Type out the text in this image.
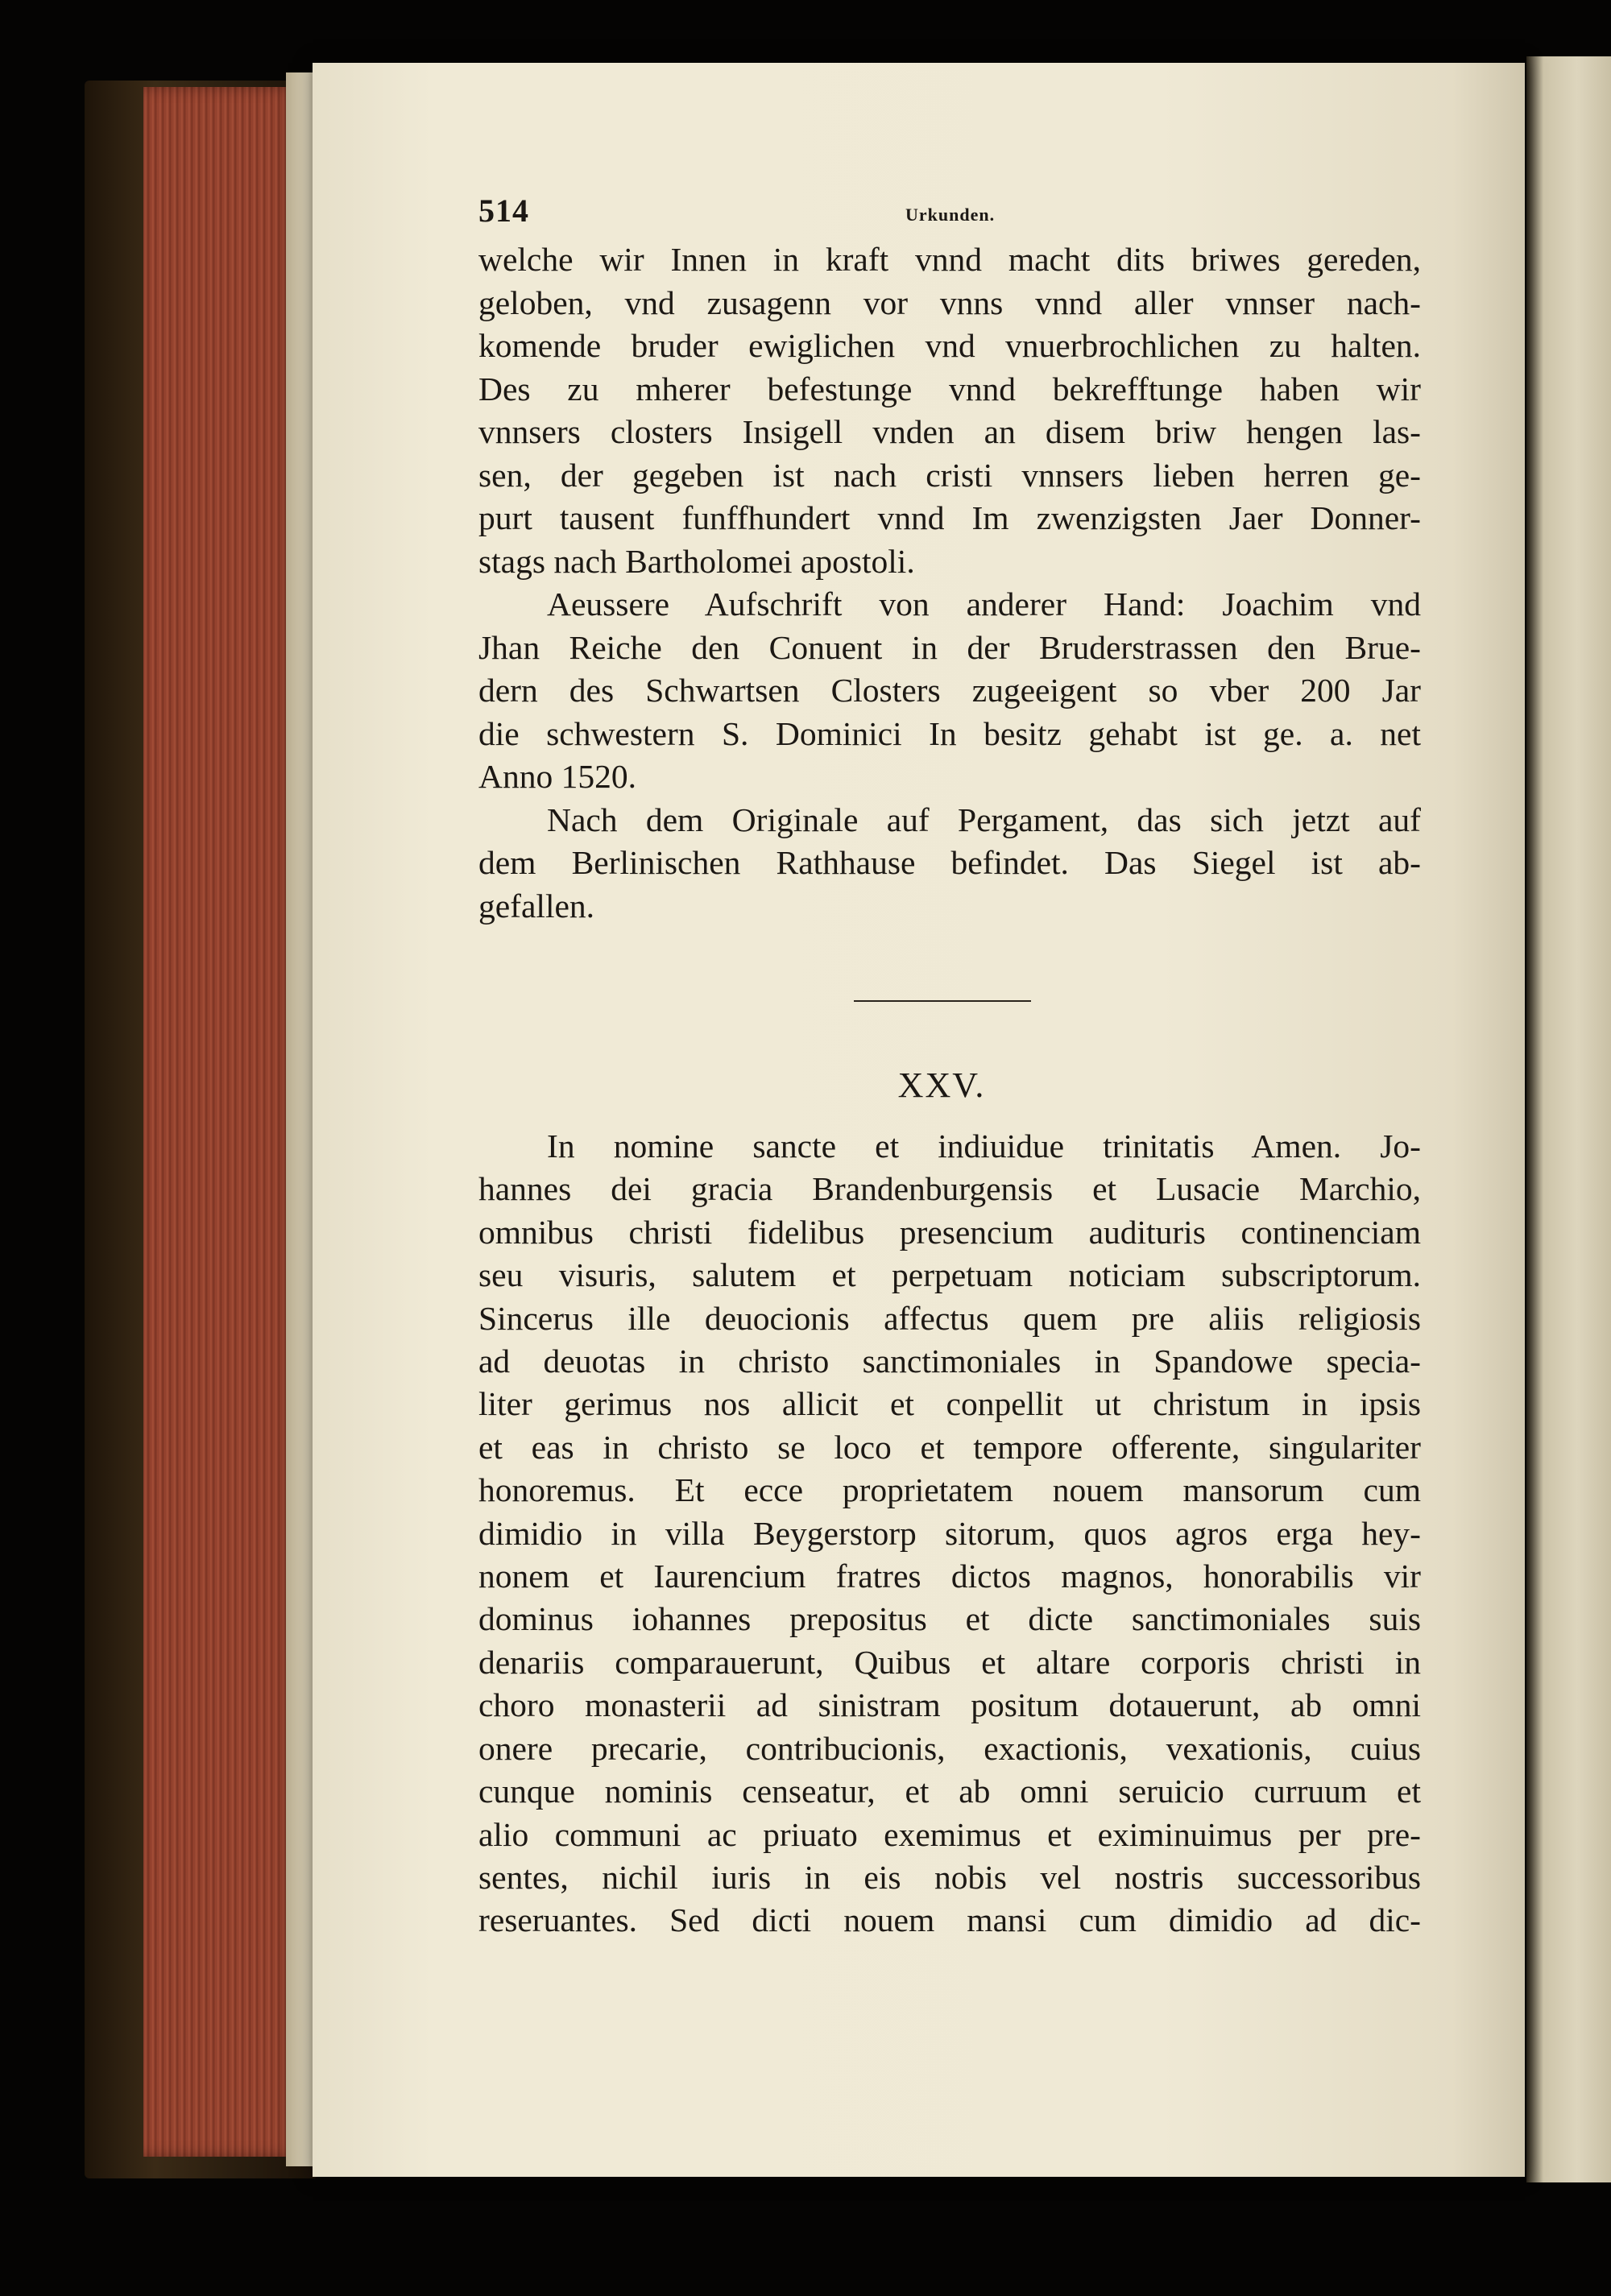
514	Urkunden.

welche wir Innen in kraft vnnd macht dits briwes gereden,
geloben, vnd zusagenn vor vnns vnnd aller vnnser nach-
komende bruder ewiglichen vnd vnuerbrochlichen zu halten.
Des zu mherer befestunge vnnd bekrefftunge haben wir
vnnsers closters Insigell vnden an disem briw hengen las-
sen, der gegeben ist nach cristi vnnsers lieben herren ge-
purt tausent funffhundert vnnd Im zwenzigsten Jaer Donner-
stags nach Bartholomei apostoli.

Aeussere Aufschrift von anderer Hand: Joachim vnd
Jhan Reiche den Conuent in der Bruderstrassen den Brue-
dern des Schwartsen Closters zugeeigent so vber 200 Jar
die schwestern S. Dominici In besitz gehabt ist ge. a. net
Anno 1520.

Nach dem Originale auf Pergament, das sich jetzt auf
dem Berlinischen Rathhause befindet. Das Siegel ist ab-
gefallen.

XXV.

In nomine sancte et indiuidue trinitatis Amen. Jo-
hannes dei gracia Brandenburgensis et Lusacie Marchio,
omnibus christi fidelibus presencium audituris continenciam
seu visuris, salutem et perpetuam noticiam subscriptorum.
Sincerus ille deuocionis affectus quem pre aliis religiosis
ad deuotas in christo sanctimoniales in Spandowe specia-
liter gerimus nos allicit et conpellit ut christum in ipsis
et eas in christo se loco et tempore offerente, singulariter
honoremus. Et ecce proprietatem nouem mansorum cum
dimidio in villa Beygerstorp sitorum, quos agros erga hey-
nonem et Iaurencium fratres dictos magnos, honorabilis vir
dominus iohannes prepositus et dicte sanctimoniales suis
denariis comparauerunt, Quibus et altare corporis christi in
choro monasterii ad sinistram positum dotauerunt, ab omni
onere precarie, contribucionis, exactionis, vexationis, cuius
cunque nominis censeatur, et ab omni seruicio curruum et
alio communi ac priuato exemimus et eximinuimus per pre-
sentes, nichil iuris in eis nobis vel nostris successoribus
reseruantes. Sed dicti nouem mansi cum dimidio ad dic-
